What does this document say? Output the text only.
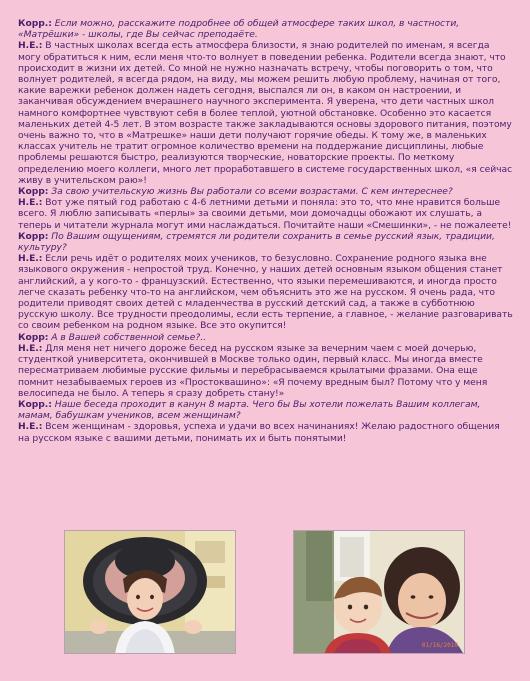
Корр.: Если можно, расскажите подробнее об общей атмосфере таких школ, в частности, «Матрёшки» - школы, где Вы сейчас преподаёте.

Н.Е.: В частных школах всегда есть атмосфера близости, я знаю родителей по именам, я всегда могу обратиться к ним, если меня что-то волнует в поведении ребенка. Родители всегда знают, что происходит в жизни их детей. Со мной не нужно назначать встречу, чтобы поговорить о том, что волнует родителей, я всегда рядом, на виду, мы можем решить любую проблему, начиная от того, какие варежки ребенок должен надеть сегодня, выспался ли он, в каком он настроении, и заканчивая обсуждением вчерашнего научного эксперимента. Я уверена, что дети частных школ намного комфортнее чувствуют себя в более теплой, уютной обстановке. Особенно это касается маленьких детей 4-5 лет. В этом возрасте также закладываются основы здорового питания, поэтому очень важно то, что в «Матрешке» наши дети получают горячие обеды. К тому же, в маленьких классах учитель не тратит огромное количество времени на поддержание дисциплины, любые проблемы решаются быстро, реализуются творческие, новаторские проекты. По меткому определению моего коллеги, много лет проработавшего в системе государственных школ, «я сейчас живу в учительском раю»!

Корр: За свою учительскую жизнь Вы работали со всеми возрастами. С кем интереснее?

Н.Е.: Вот уже пятый год работаю с 4-6 летними детьми и поняла: это то, что мне нравится больше всего. Я люблю записывать «перлы» за своими детьми, мои домочадцы обожают их слушать, а теперь и читатели журнала могут ими наслаждаться. Почитайте наши «Смешинки», - не пожалеете!

Корр: По Вашим ощущениям, стремятся ли родители сохранить в семье русский язык, традиции, культуру?

Н.Е.: Если речь идёт о родителях моих учеников, то безусловно. Сохранение родного языка вне языкового окружения - непростой труд. Конечно, у наших детей основным языком общения станет английский, а у кого-то - французский. Естественно, что языки перемешиваются, и иногда просто легче сказать ребенку что-то на английском, чем объяснить это же на русском. Я очень рада, что родители приводят своих детей с младенчества в русский детский сад, а также в субботнюю русскую школу. Все трудности преодолимы, если есть терпение, а главное, - желание разговаривать со своим ребенком на родном языке. Все это окупится!

Корр: А в Вашей собственной семье?..

Н.Е.: Для меня нет ничего дороже бесед на русском языке за вечерним чаем с моей дочерью, студенткой университета, окончившей в Москве только один, первый класс. Мы иногда вместе пересматриваем любимые русские фильмы и перебрасываемся крылатыми фразами. Она еще помнит незабываемых героев из «Простоквашино»: «Я почему вредным был? Потому что у меня велосипеда не было. А теперь я сразу добреть стану!»

Корр.: Наше беседа проходит в канун 8 марта. Чего бы Вы хотели пожелать Вашим коллегам, мамам, бабушкам учеников, всем женщинам?

Н.Е.: Всем женщинам - здоровья, успеха и удачи во всех начинаниях! Желаю радостного общения на русском языке с вашими детьми, понимать их и быть понятыми!

01/16/2010
